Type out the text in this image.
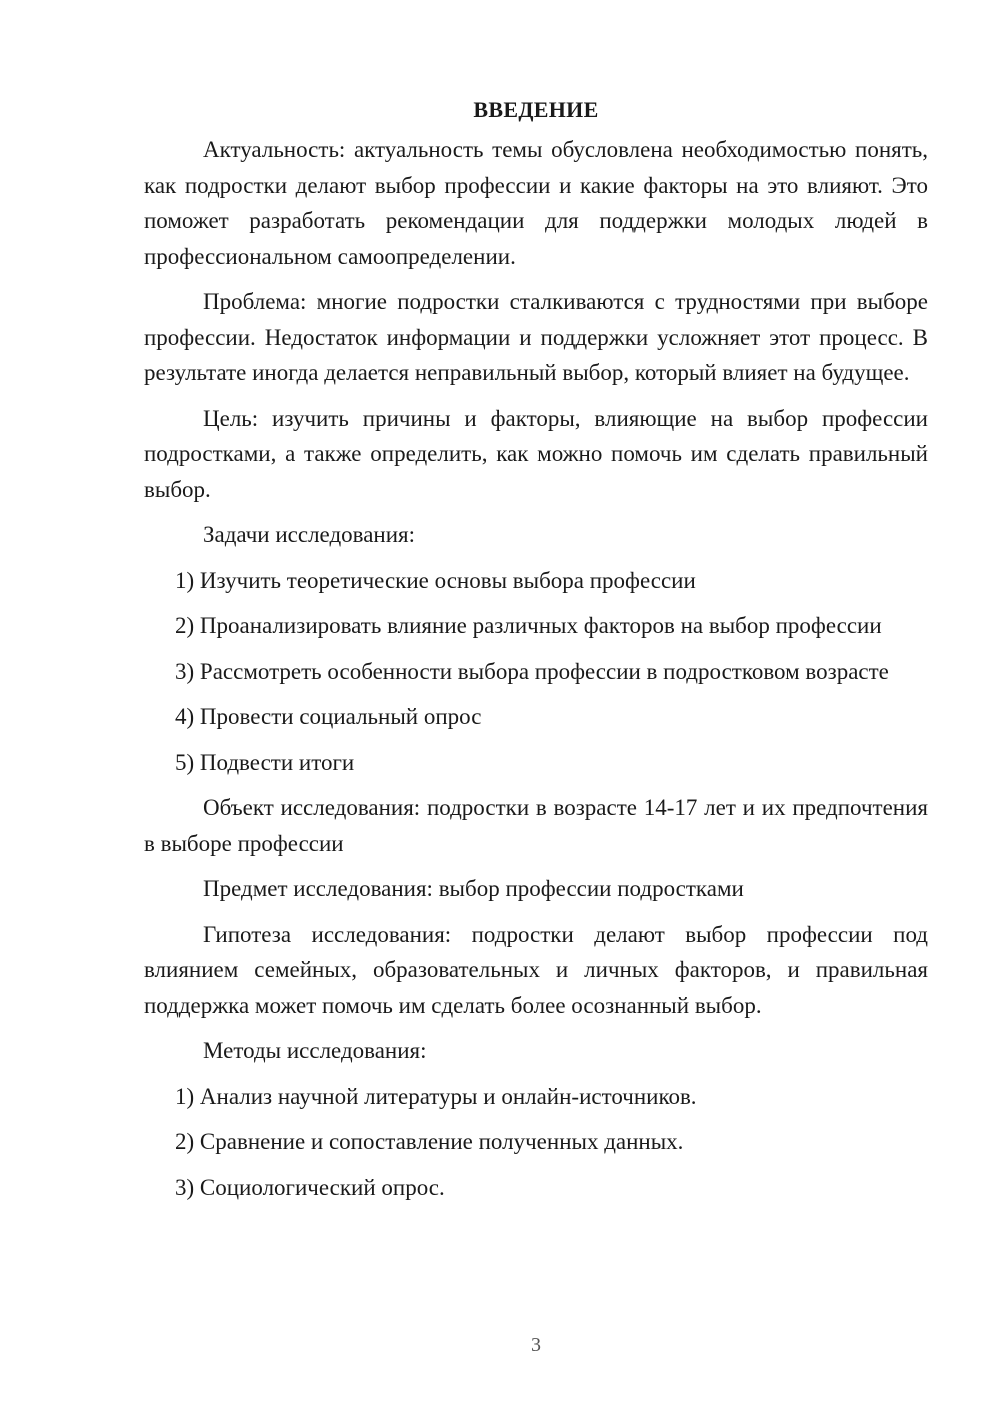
ВВЕДЕНИЕ

Актуальность: актуальность темы обусловлена необходимостью понять, как подростки делают выбор профессии и какие факторы на это влияют. Это поможет разработать рекомендации для поддержки молодых людей в профессиональном самоопределении.

Проблема: многие подростки сталкиваются с трудностями при выборе профессии. Недостаток информации и поддержки усложняет этот процесс. В результате иногда делается неправильный выбор, который влияет на будущее.

Цель: изучить причины и факторы, влияющие на выбор профессии подростками, а также определить, как можно помочь им сделать правильный выбор.

Задачи исследования:

1) Изучить теоретические основы выбора профессии

2) Проанализировать влияние различных факторов на выбор профессии

3) Рассмотреть особенности выбора профессии в подростковом возрасте

4) Провести социальный опрос

5) Подвести итоги

Объект исследования: подростки в возрасте 14-17 лет и их предпочтения в выборе профессии

Предмет исследования: выбор профессии подростками

Гипотеза исследования: подростки делают выбор профессии под влиянием семейных, образовательных и личных факторов, и правильная поддержка может помочь им сделать более осознанный выбор.

Методы исследования:

1) Анализ научной литературы и онлайн-источников.

2) Сравнение и сопоставление полученных данных.

3) Социологический опрос.

3
